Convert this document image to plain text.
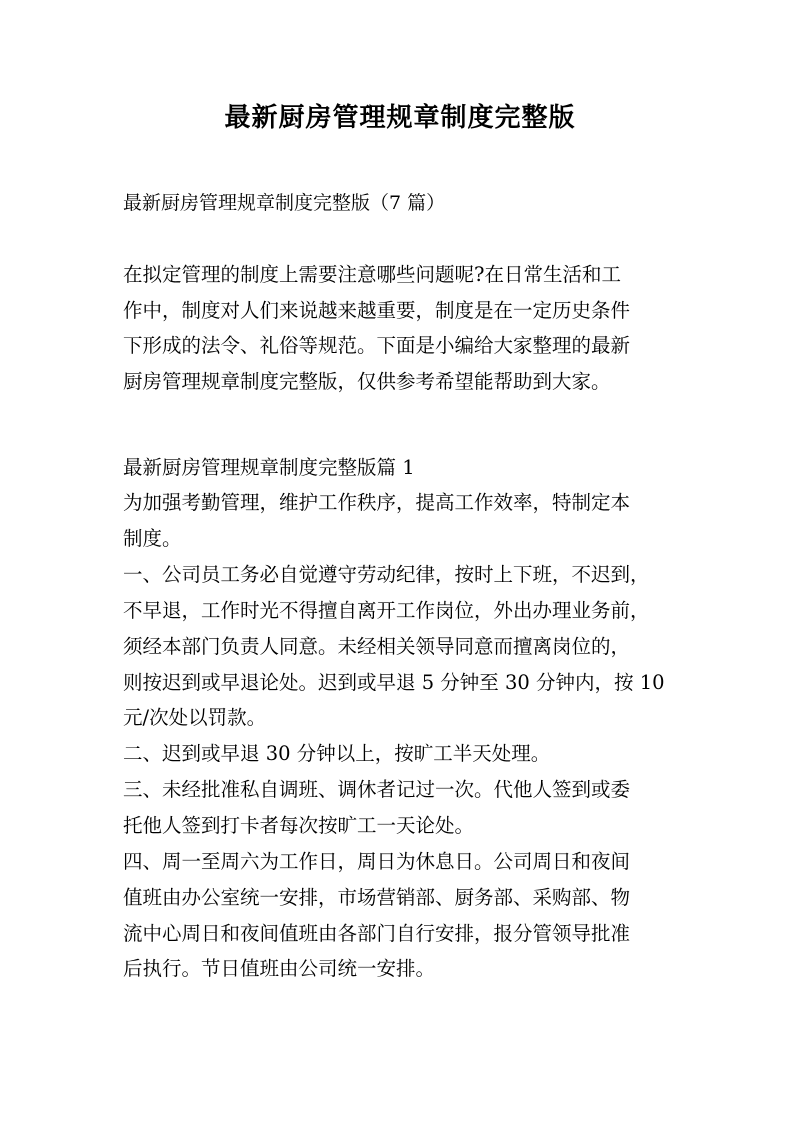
最新厨房管理规章制度完整版
最新厨房管理规章制度完整版（7 篇）
在拟定管理的制度上需要注意哪些问题呢?在日常生活和工
作中，制度对人们来说越来越重要，制度是在一定历史条件
下形成的法令、礼俗等规范。下面是小编给大家整理的最新
厨房管理规章制度完整版，仅供参考希望能帮助到大家。
最新厨房管理规章制度完整版篇 1
为加强考勤管理，维护工作秩序，提高工作效率，特制定本
制度。
一、公司员工务必自觉遵守劳动纪律，按时上下班，不迟到，
不早退，工作时光不得擅自离开工作岗位，外出办理业务前，
须经本部门负责人同意。未经相关领导同意而擅离岗位的，
则按迟到或早退论处。迟到或早退 5 分钟至 30 分钟内，按 10
元/次处以罚款。
二、迟到或早退 30 分钟以上，按旷工半天处理。
三、未经批准私自调班、调休者记过一次。代他人签到或委
托他人签到打卡者每次按旷工一天论处。
四、周一至周六为工作日，周日为休息日。公司周日和夜间
值班由办公室统一安排，市场营销部、厨务部、采购部、物
流中心周日和夜间值班由各部门自行安排，报分管领导批准
后执行。节日值班由公司统一安排。
